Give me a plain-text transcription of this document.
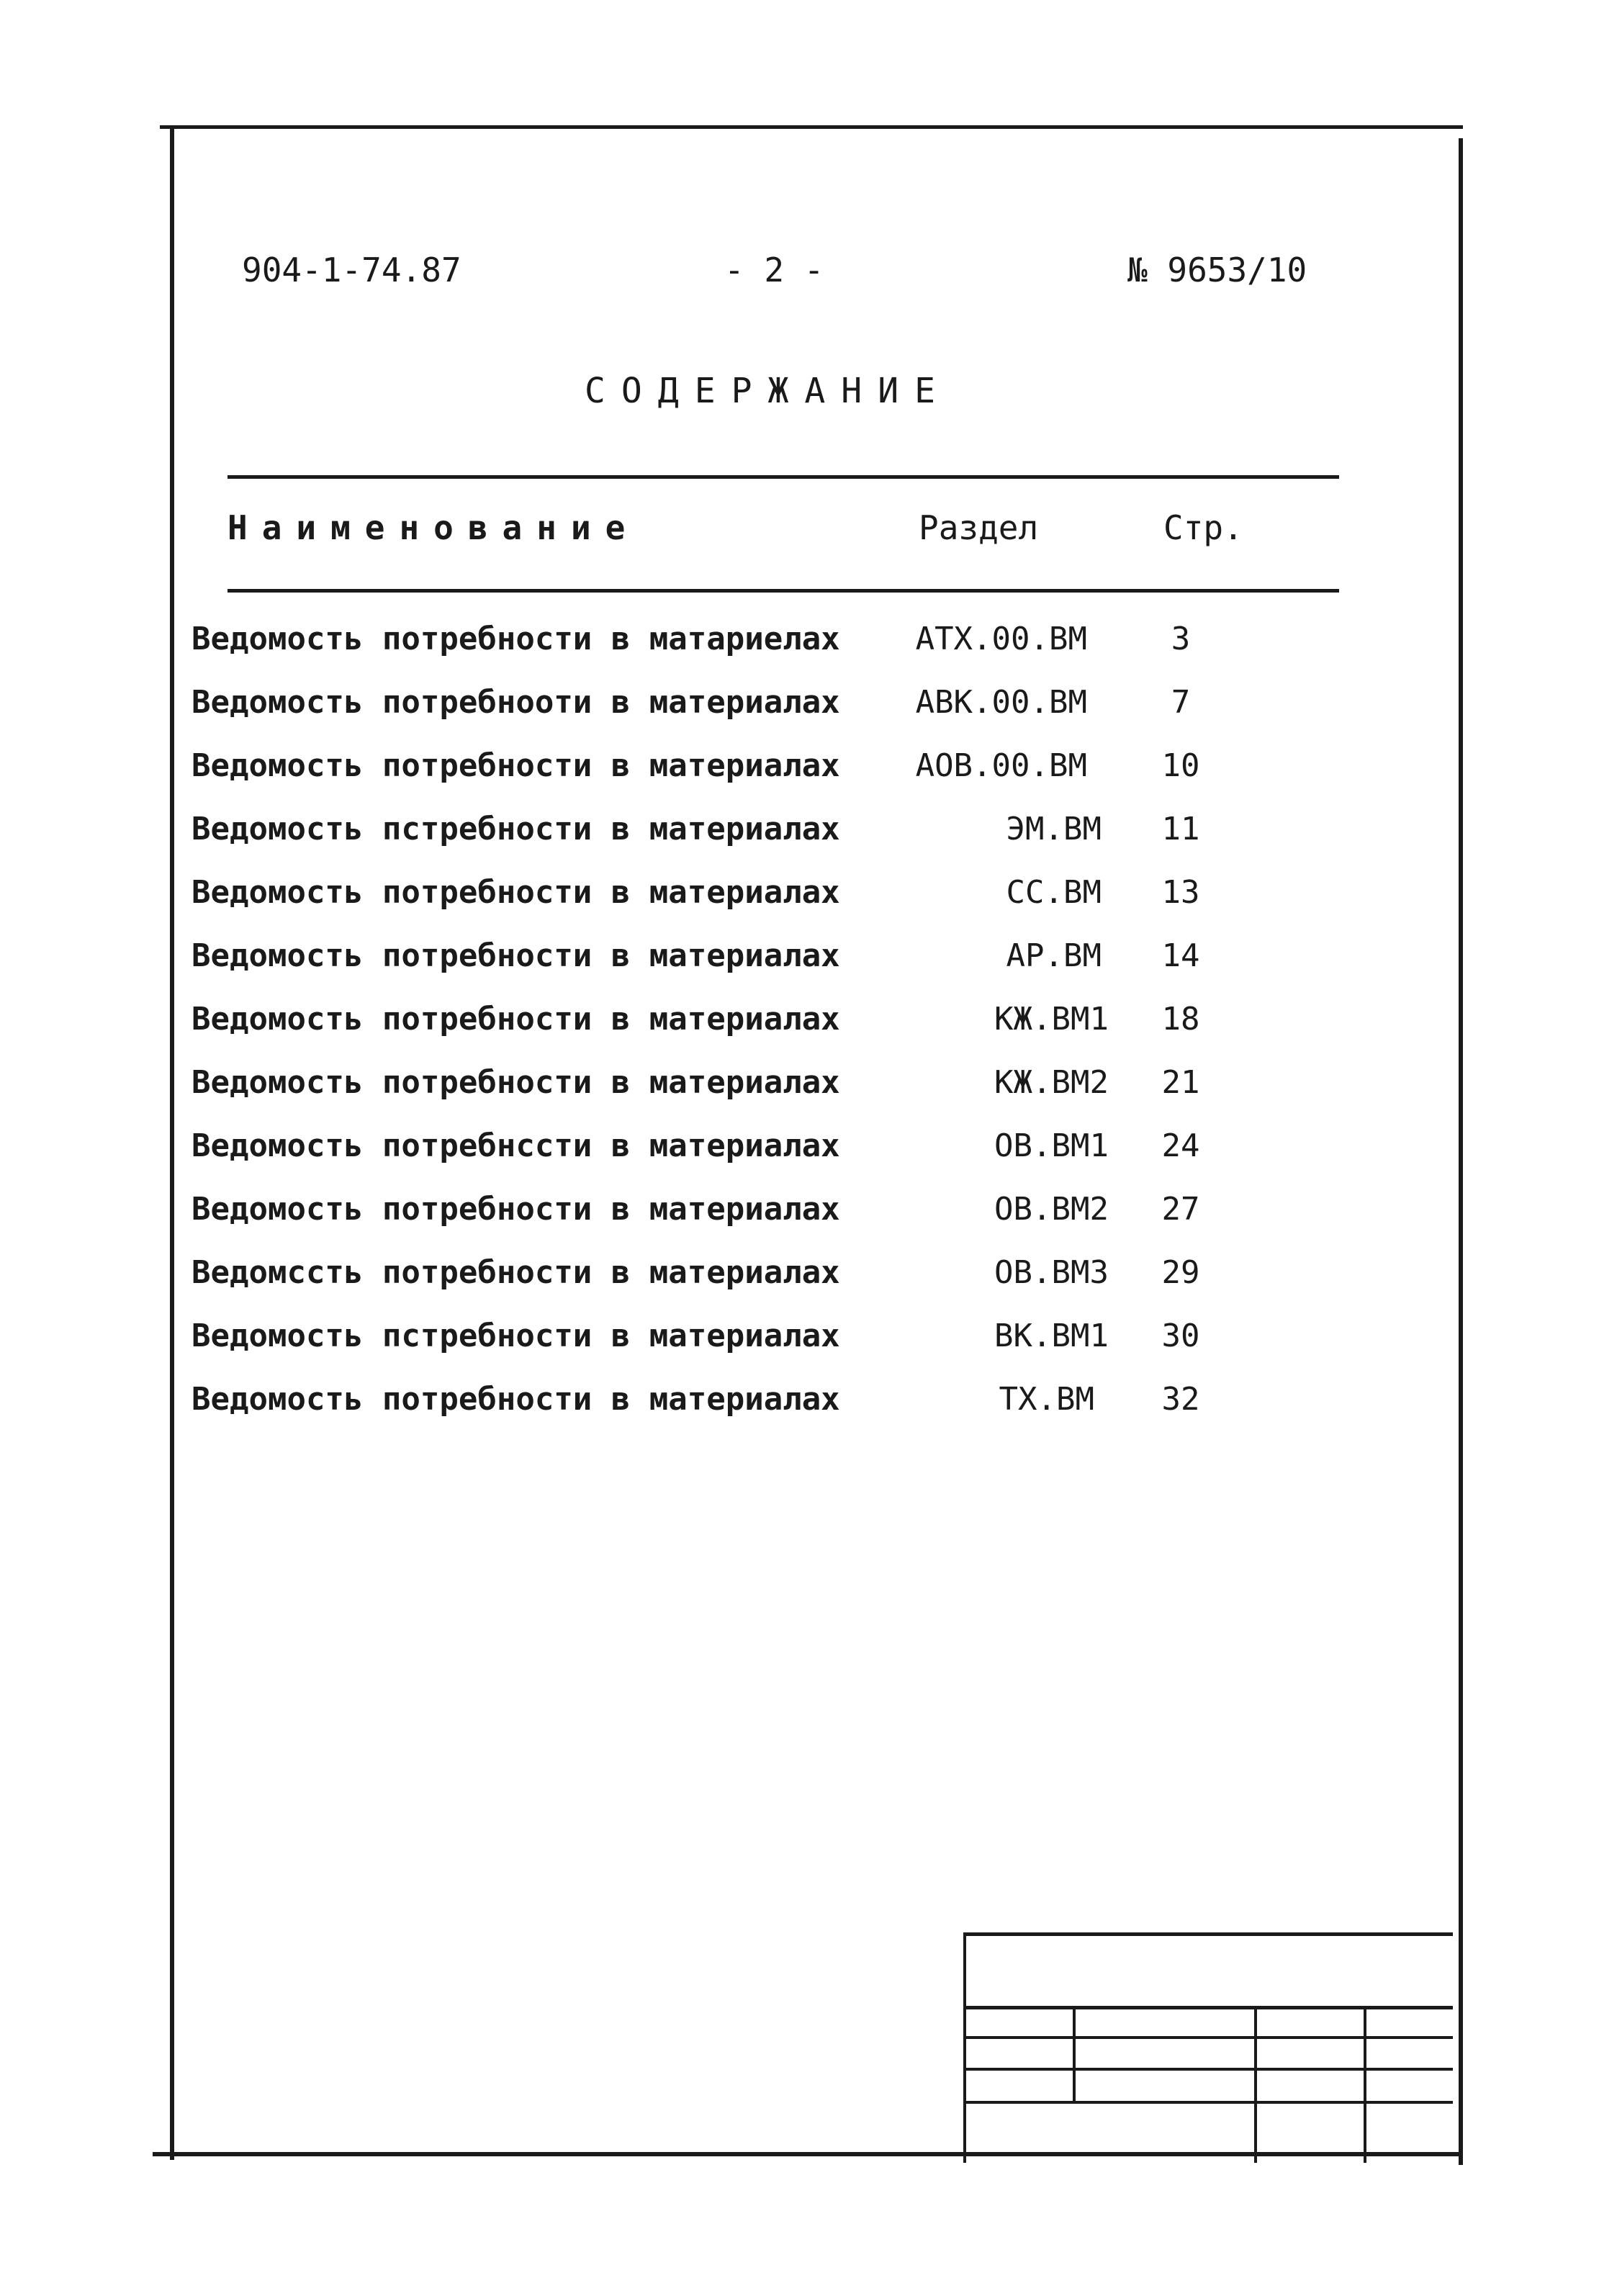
904-1-74.87	- 2 -	№ 9653/10
СОДЕРЖАНИЕ
Наименование	Раздел	Стр.
Ведомость потребности в матариелах	АТХ.00.ВМ	3
Ведомость потребноoти в материалах	АВК.00.ВМ	7
Ведомость потребности в материалах	АОВ.00.ВМ	10
Ведомость пстребности в материалах	ЭМ.ВМ	11
Ведомость потребности в материалах	СС.ВМ	13
Ведомость потребности в материалах	АР.ВМ	14
Ведомость потребности в материалах	КЖ.ВМ1	18
Ведомость потребности в материалах	КЖ.ВМ2	21
Ведомость потребнсcти в материалах	ОВ.ВМ1	24
Ведомость потребности в материалах	ОВ.ВМ2	27
Ведомсcть потребности в материалах	ОВ.ВМ3	29
Ведомость пстребности в материалах	ВК.ВМ1	30
Ведомость потребности в материалах	ТХ.ВМ	32
